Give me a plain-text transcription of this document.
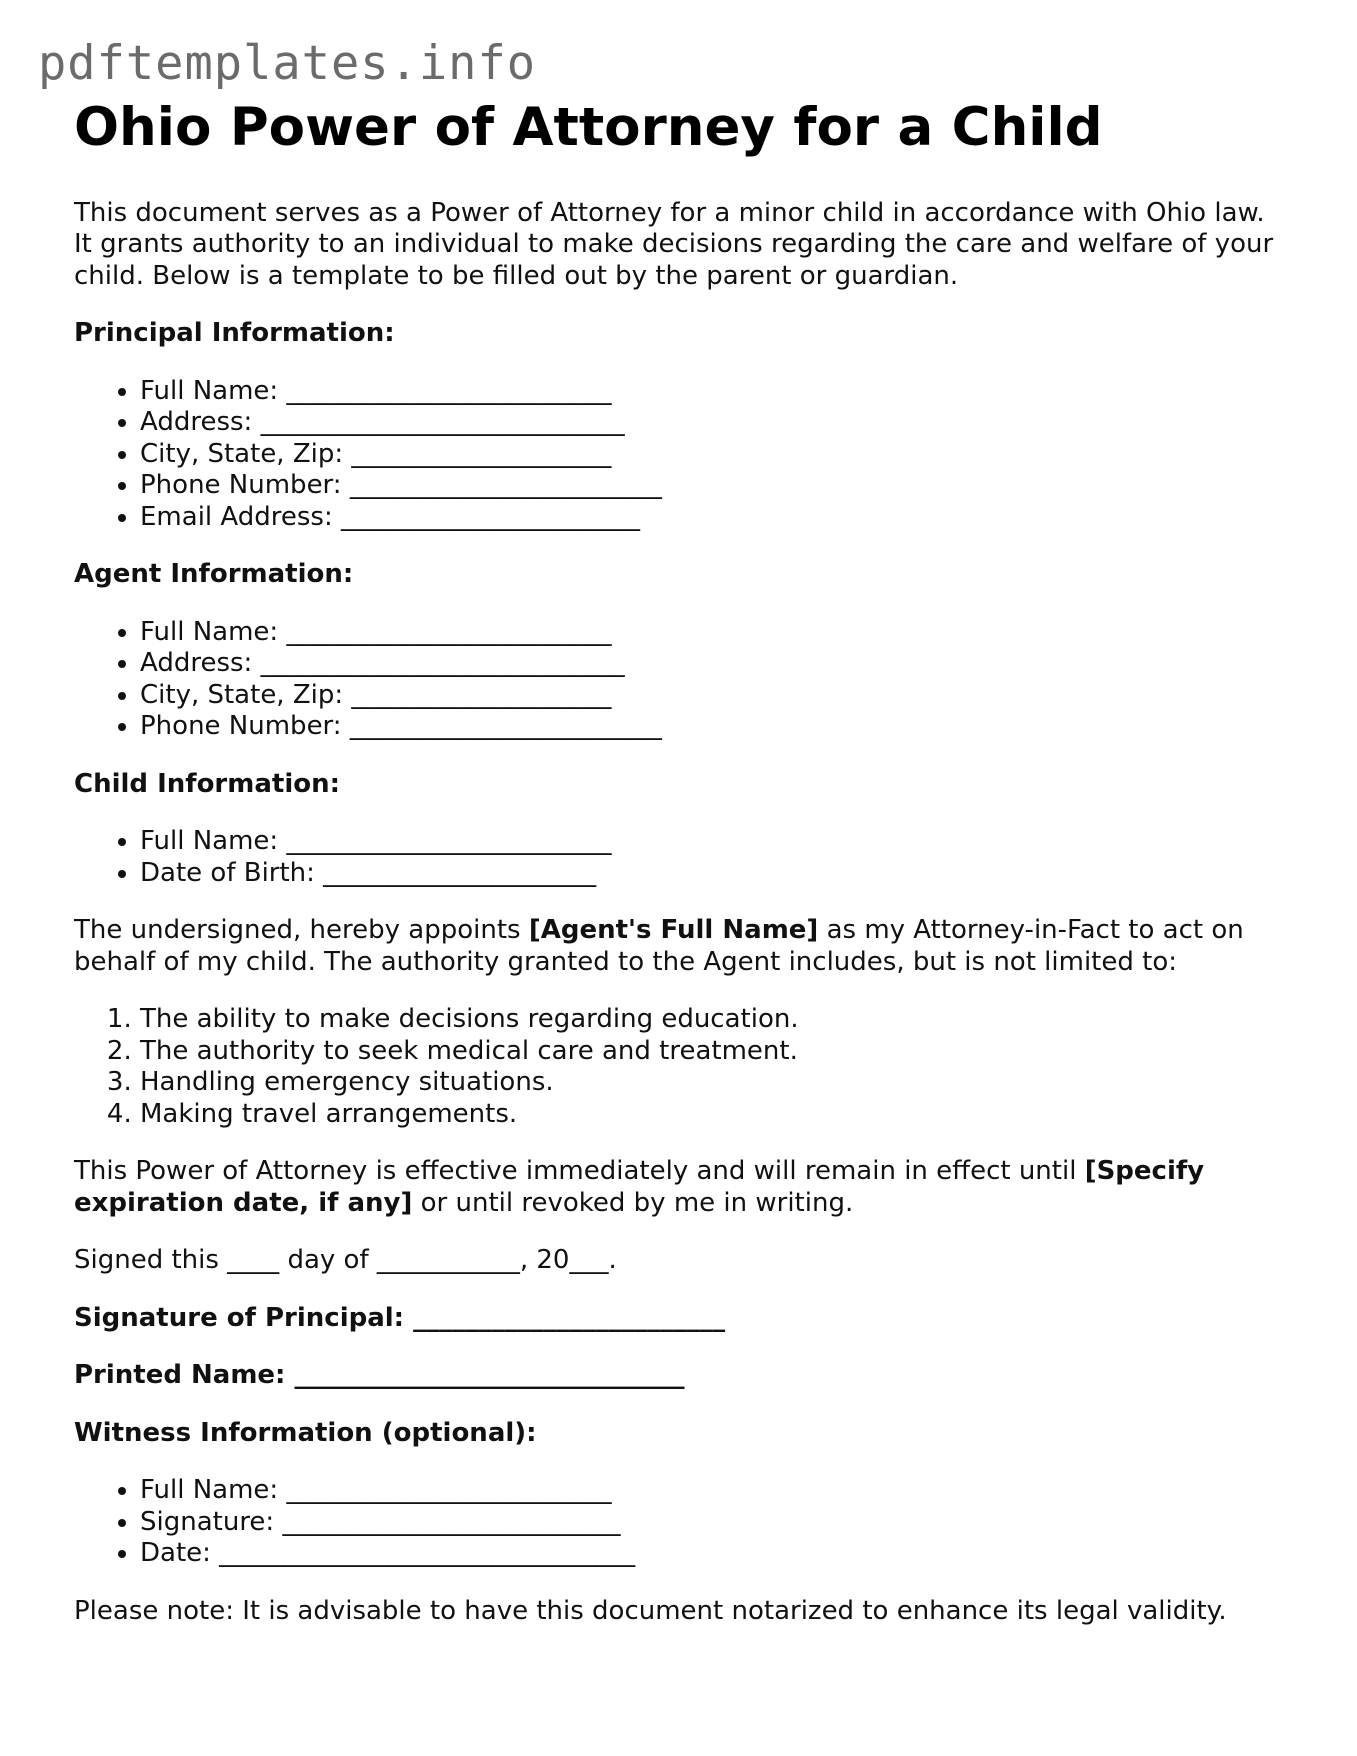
pdftemplates.info
Ohio Power of Attorney for a Child

This document serves as a Power of Attorney for a minor child in accordance with Ohio law. It grants authority to an individual to make decisions regarding the care and welfare of your child. Below is a template to be filled out by the parent or guardian.

Principal Information:

• Full Name: _________________________
• Address: ____________________________
• City, State, Zip: ____________________
• Phone Number: ________________________
• Email Address: _______________________

Agent Information:

• Full Name: _________________________
• Address: ____________________________
• City, State, Zip: ____________________
• Phone Number: ________________________

Child Information:

• Full Name: _________________________
• Date of Birth: _____________________

The undersigned, hereby appoints [Agent's Full Name] as my Attorney-in-Fact to act on behalf of my child. The authority granted to the Agent includes, but is not limited to:

1. The ability to make decisions regarding education.
2. The authority to seek medical care and treatment.
3. Handling emergency situations.
4. Making travel arrangements.

This Power of Attorney is effective immediately and will remain in effect until [Specify expiration date, if any] or until revoked by me in writing.

Signed this ____ day of ___________, 20___.

Signature of Principal: ________________________

Printed Name: ______________________________

Witness Information (optional):

• Full Name: _________________________
• Signature: __________________________
• Date: ________________________________

Please note: It is advisable to have this document notarized to enhance its legal validity.
